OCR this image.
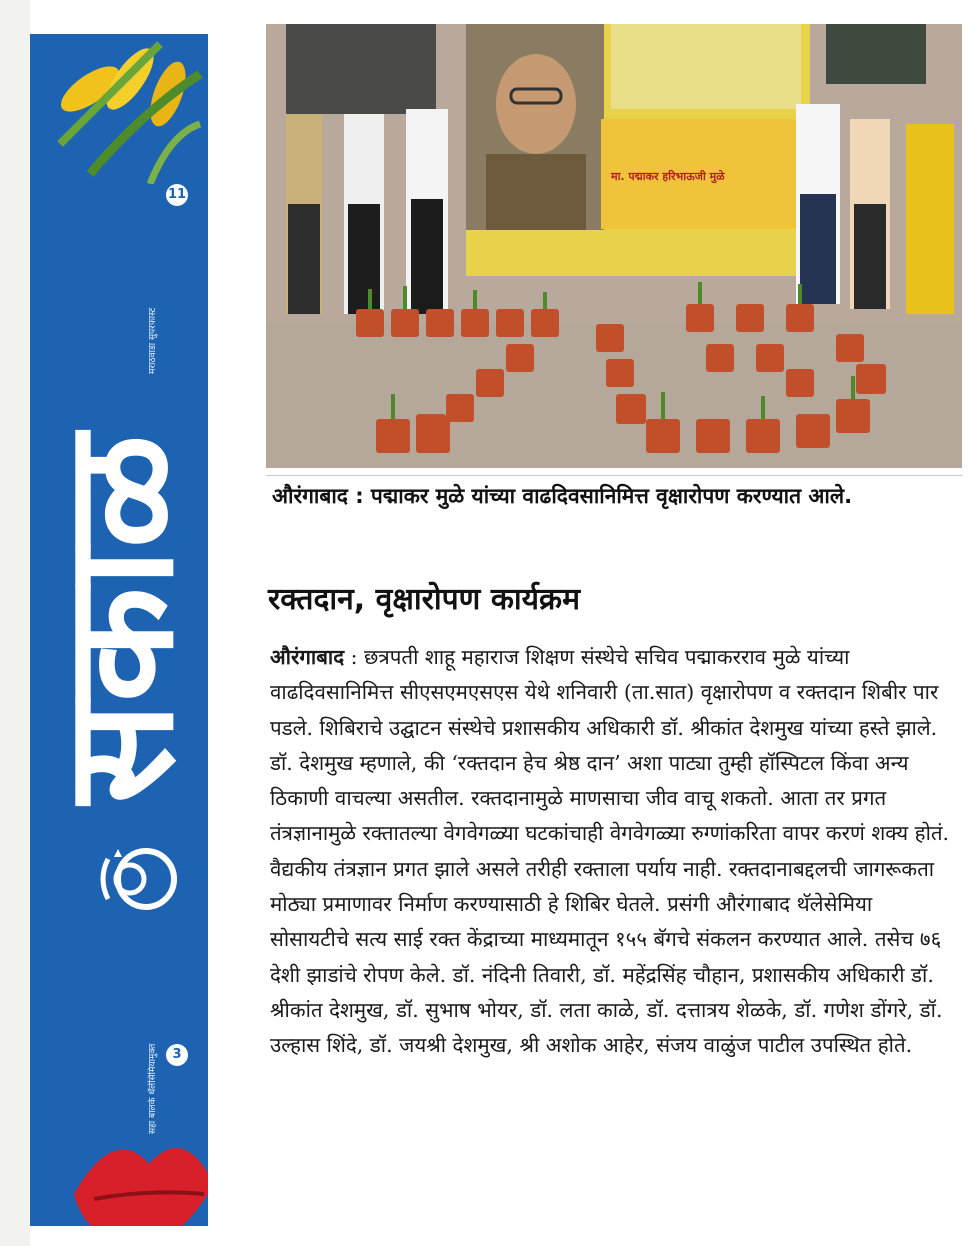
11
मराठवाडा सुपरफास्ट
सकाळ
सहा बालके थॅलेसिमियामुक्त	3
मा. पद्माकर हरिभाऊजी मुळे
औरंगाबाद : पद्माकर मुळे यांच्या वाढदिवसानिमित्त वृक्षारोपण करण्यात आले.
रक्तदान, वृक्षारोपण कार्यक्रम
औरंगाबाद : छत्रपती शाहू महाराज शिक्षण संस्थेचे सचिव पद्माकरराव मुळे यांच्या वाढदिवसानिमित्त सीएसएमएसएस येथे शनिवारी (ता.सात) वृक्षारोपण व रक्तदान शिबीर पार पडले. शिबिराचे उद्घाटन संस्थेचे प्रशासकीय अधिकारी डॉ. श्रीकांत देशमुख यांच्या हस्ते झाले. डॉ. देशमुख म्हणाले, की ‘रक्तदान हेच श्रेष्ठ दान’ अशा पाट्या तुम्ही हॉस्पिटल किंवा अन्य ठिकाणी वाचल्या असतील. रक्तदानामुळे माणसाचा जीव वाचू शकतो. आता तर प्रगत तंत्रज्ञानामुळे रक्तातल्या वेगवेगळ्या घटकांचाही वेगवेगळ्या रुग्णांकरिता वापर करणं शक्य होतं. वैद्यकीय तंत्रज्ञान प्रगत झाले असले तरीही रक्ताला पर्याय नाही. रक्तदानाबद्दलची जागरूकता मोठ्या प्रमाणावर निर्माण करण्यासाठी हे शिबिर घेतले. प्रसंगी औरंगाबाद थॅलेसेमिया सोसायटीचे सत्य साई रक्त केंद्राच्या माध्यमातून १५५ बॅगचे संकलन करण्यात आले. तसेच ७६ देशी झाडांचे रोपण केले. डॉ. नंदिनी तिवारी, डॉ. महेंद्रसिंह चौहान, प्रशासकीय अधिकारी डॉ. श्रीकांत देशमुख, डॉ. सुभाष भोयर, डॉ. लता काळे, डॉ. दत्तात्रय शेळके, डॉ. गणेश डोंगरे, डॉ. उल्हास शिंदे, डॉ. जयश्री देशमुख, श्री अशोक आहेर, संजय वाळुंज पाटील उपस्थित होते.
